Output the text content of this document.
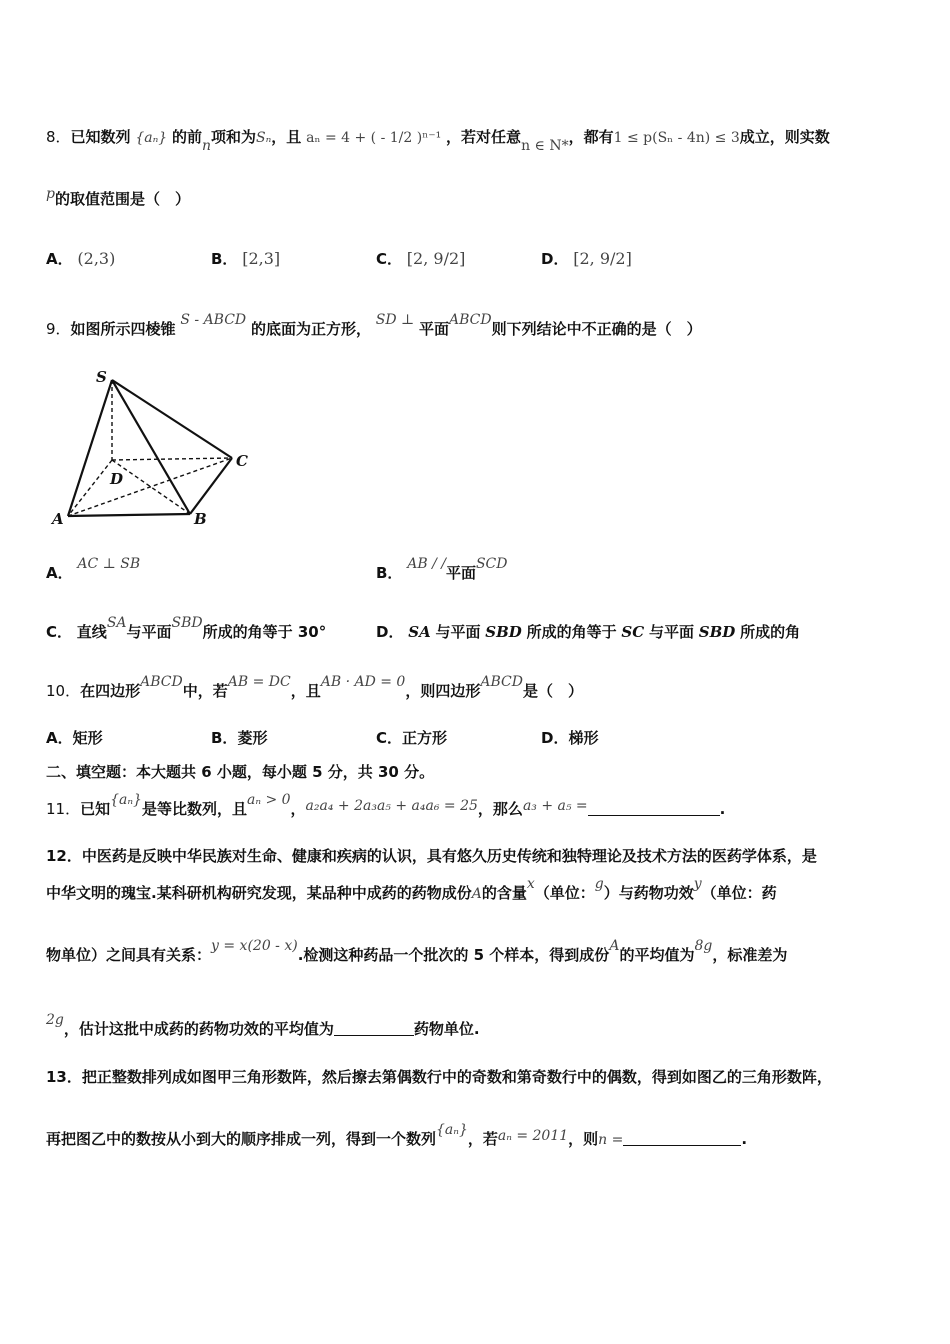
8．已知数列 {aₙ} 的前n项和为Sₙ，且 aₙ = 4 + ( - 1/2 )ⁿ⁻¹ ，若对任意n ∈ N*，都有1 ≤ p(Sₙ - 4n) ≤ 3成立，则实数
p的取值范围是（　）
A． (2,3)	B． [2,3]	C． [2, 9/2]	D． [2, 9/2]
9．如图所示四棱锥 S - ABCD 的底面为正方形， SD ⊥ 平面ABCD则下列结论中不正确的是（　）
S
D
A	B
C
A． AC ⊥ SB	B． AB / /平面SCD
C． 直线SA与平面SBD所成的角等于 30°	D． SA 与平面 SBD 所成的角等于 SC 与平面 SBD 所成的角
10．在四边形ABCD中，若AB = DC，且AB · AD = 0，则四边形ABCD是（　）
A．矩形	B．菱形	C．正方形	D．梯形
二、填空题：本大题共 6 小题，每小题 5 分，共 30 分。
11．已知{aₙ}是等比数列，且aₙ > 0，a₂a₄ + 2a₃a₅ + a₄a₆ = 25，那么a₃ + a₅ =	.
12．中医药是反映中华民族对生命、健康和疾病的认识，具有悠久历史传统和独特理论及技术方法的医药学体系，是
中华文明的瑰宝.某科研机构研究发现，某品种中成药的药物成份A的含量x（单位：g）与药物功效y（单位：药
物单位）之间具有关系：y = x(20 - x).检测这种药品一个批次的 5 个样本，得到成份A的平均值为8g，标准差为
2g，估计这批中成药的药物功效的平均值为	药物单位.
13．把正整数排列成如图甲三角形数阵，然后擦去第偶数行中的奇数和第奇数行中的偶数，得到如图乙的三角形数阵，
再把图乙中的数按从小到大的顺序排成一列，得到一个数列{aₙ}，若aₙ = 2011，则n =	.
